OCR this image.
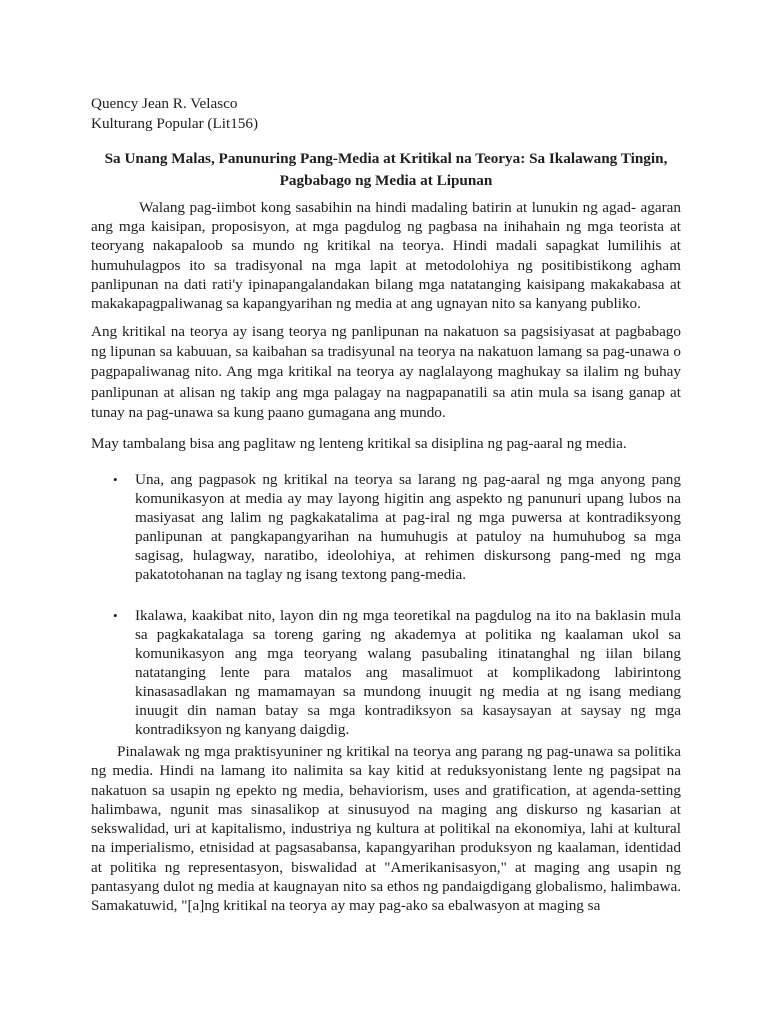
Quency Jean R. Velasco
Kulturang Popular (Lit156)
Sa Unang Malas, Panunuring Pang-Media at Kritikal na Teorya: Sa Ikalawang Tingin,
Pagbabago ng Media at Lipunan

Walang pag-iimbot kong sasabihin na hindi madaling batirin at lunukin ng agad- agaran ang mga kaisipan, proposisyon, at mga pagdulog ng pagbasa na inihahain ng mga teorista at teoryang nakapaloob sa mundo ng kritikal na teorya. Hindi madali sapagkat lumilihis at humuhulagpos ito sa tradisyonal na mga lapit at metodolohiya ng positibistikong agham panlipunan na dati rati'y ipinapangalandakan bilang mga natatanging kaisipang makakabasa at makakapagpaliwanag sa kapangyarihan ng media at ang ugnayan nito sa kanyang publiko.

Ang kritikal na teorya ay isang teorya ng panlipunan na nakatuon sa pagsisiyasat at pagbabago ng lipunan sa kabuuan, sa kaibahan sa tradisyunal na teorya na nakatuon lamang sa pag-unawa o pagpapaliwanag nito. Ang mga kritikal na teorya ay naglalayong maghukay sa ilalim ng buhay panlipunan at alisan ng takip ang mga palagay na nagpapanatili sa atin mula sa isang ganap at tunay na pag-unawa sa kung paano gumagana ang mundo.

May tambalang bisa ang paglitaw ng lenteng kritikal sa disiplina ng pag-aaral ng media.

• Una, ang pagpasok ng kritikal na teorya sa larang ng pag-aaral ng mga anyong pang komunikasyon at media ay may layong higitin ang aspekto ng panunuri upang lubos na masiyasat ang lalim ng pagkakatalima at pag-iral ng mga puwersa at kontradiksyong panlipunan at pangkapangyarihan na humuhugis at patuloy na humuhubog sa mga sagisag, hulagway, naratibo, ideolohiya, at rehimen diskursong pang-med ng mga pakatotohanan na taglay ng isang textong pang-media.
• Ikalawa, kaakibat nito, layon din ng mga teoretikal na pagdulog na ito na baklasin mula sa pagkakatalaga sa toreng garing ng akademya at politika ng kaalaman ukol sa komunikasyon ang mga teoryang walang pasubaling itinatanghal ng iilan bilang natatanging lente para matalos ang masalimuot at komplikadong labirintong kinasasadlakan ng mamamayan sa mundong inuugit ng media at ng isang mediang inuugit din naman batay sa mga kontradiksyon sa kasaysayan at saysay ng mga kontradiksyon ng kanyang daigdig.

Pinalawak ng mga praktisyuniner ng kritikal na teorya ang parang ng pag-unawa sa politika ng media. Hindi na lamang ito nalimita sa kay kitid at reduksyonistang lente ng pagsipat na nakatuon sa usapin ng epekto ng media, behaviorism, uses and gratification, at agenda-setting halimbawa, ngunit mas sinasalikop at sinusuyod na maging ang diskurso ng kasarian at sekswalidad, uri at kapitalismo, industriya ng kultura at politikal na ekonomiya, lahi at kultural na imperialismo, etnisidad at pagsasabansa, kapangyarihan produksyon ng kaalaman, identidad at politika ng representasyon, biswalidad at "Amerikanisasyon," at maging ang usapin ng pantasyang dulot ng media at kaugnayan nito sa ethos ng pandaigdigang globalismo, halimbawa. Samakatuwid, "[a]ng kritikal na teorya ay may pag-ako sa ebalwasyon at maging sa
